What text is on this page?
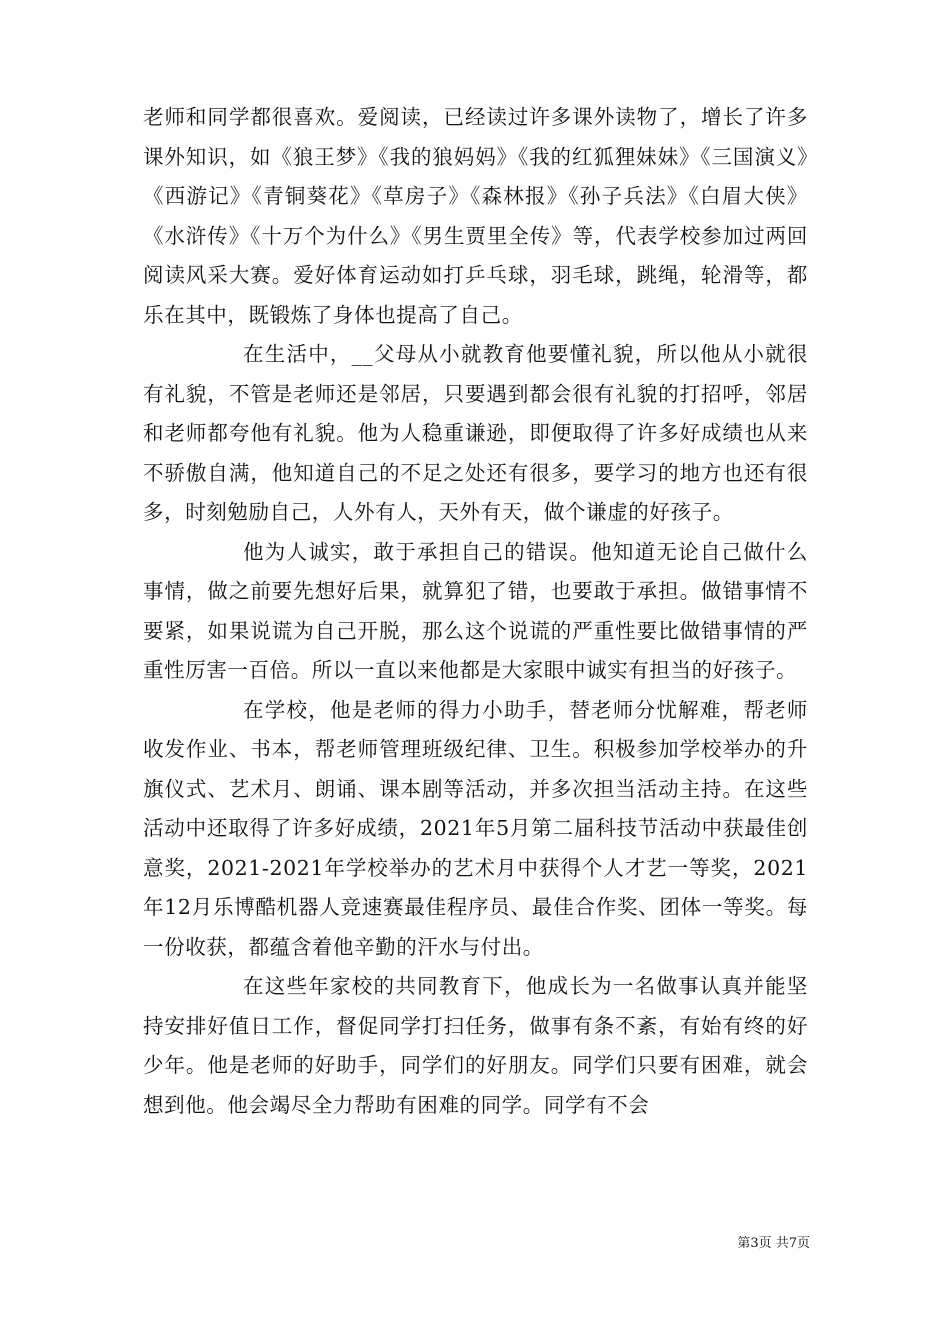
老师和同学都很喜欢。爱阅读，已经读过许多课外读物了，增长了许多课外知识，如《狼王梦》《我的狼妈妈》《我的红狐狸妹妹》《三国演义》《西游记》《青铜葵花》《草房子》《森林报》《孙子兵法》《白眉大侠》《水浒传》《十万个为什么》《男生贾里全传》等，代表学校参加过两回阅读风采大赛。爱好体育运动如打乒乓球，羽毛球，跳绳，轮滑等，都乐在其中，既锻炼了身体也提高了自己。

在生活中，__父母从小就教育他要懂礼貌，所以他从小就很有礼貌，不管是老师还是邻居，只要遇到都会很有礼貌的打招呼，邻居和老师都夸他有礼貌。他为人稳重谦逊，即便取得了许多好成绩也从来不骄傲自满，他知道自己的不足之处还有很多，要学习的地方也还有很多，时刻勉励自己，人外有人，天外有天，做个谦虚的好孩子。

他为人诚实，敢于承担自己的错误。他知道无论自己做什么事情，做之前要先想好后果，就算犯了错，也要敢于承担。做错事情不要紧，如果说谎为自己开脱，那么这个说谎的严重性要比做错事情的严重性厉害一百倍。所以一直以来他都是大家眼中诚实有担当的好孩子。

在学校，他是老师的得力小助手，替老师分忧解难，帮老师收发作业、书本，帮老师管理班级纪律、卫生。积极参加学校举办的升旗仪式、艺术月、朗诵、课本剧等活动，并多次担当活动主持。在这些活动中还取得了许多好成绩，2021年5月第二届科技节活动中获最佳创意奖，2021-2021年学校举办的艺术月中获得个人才艺一等奖，2021年12月乐博酷机器人竞速赛最佳程序员、最佳合作奖、团体一等奖。每一份收获，都蕴含着他辛勤的汗水与付出。

在这些年家校的共同教育下，他成长为一名做事认真并能坚持安排好值日工作，督促同学打扫任务，做事有条不紊，有始有终的好少年。他是老师的好助手，同学们的好朋友。同学们只要有困难，就会想到他。他会竭尽全力帮助有困难的同学。同学有不会

第3页 共7页
